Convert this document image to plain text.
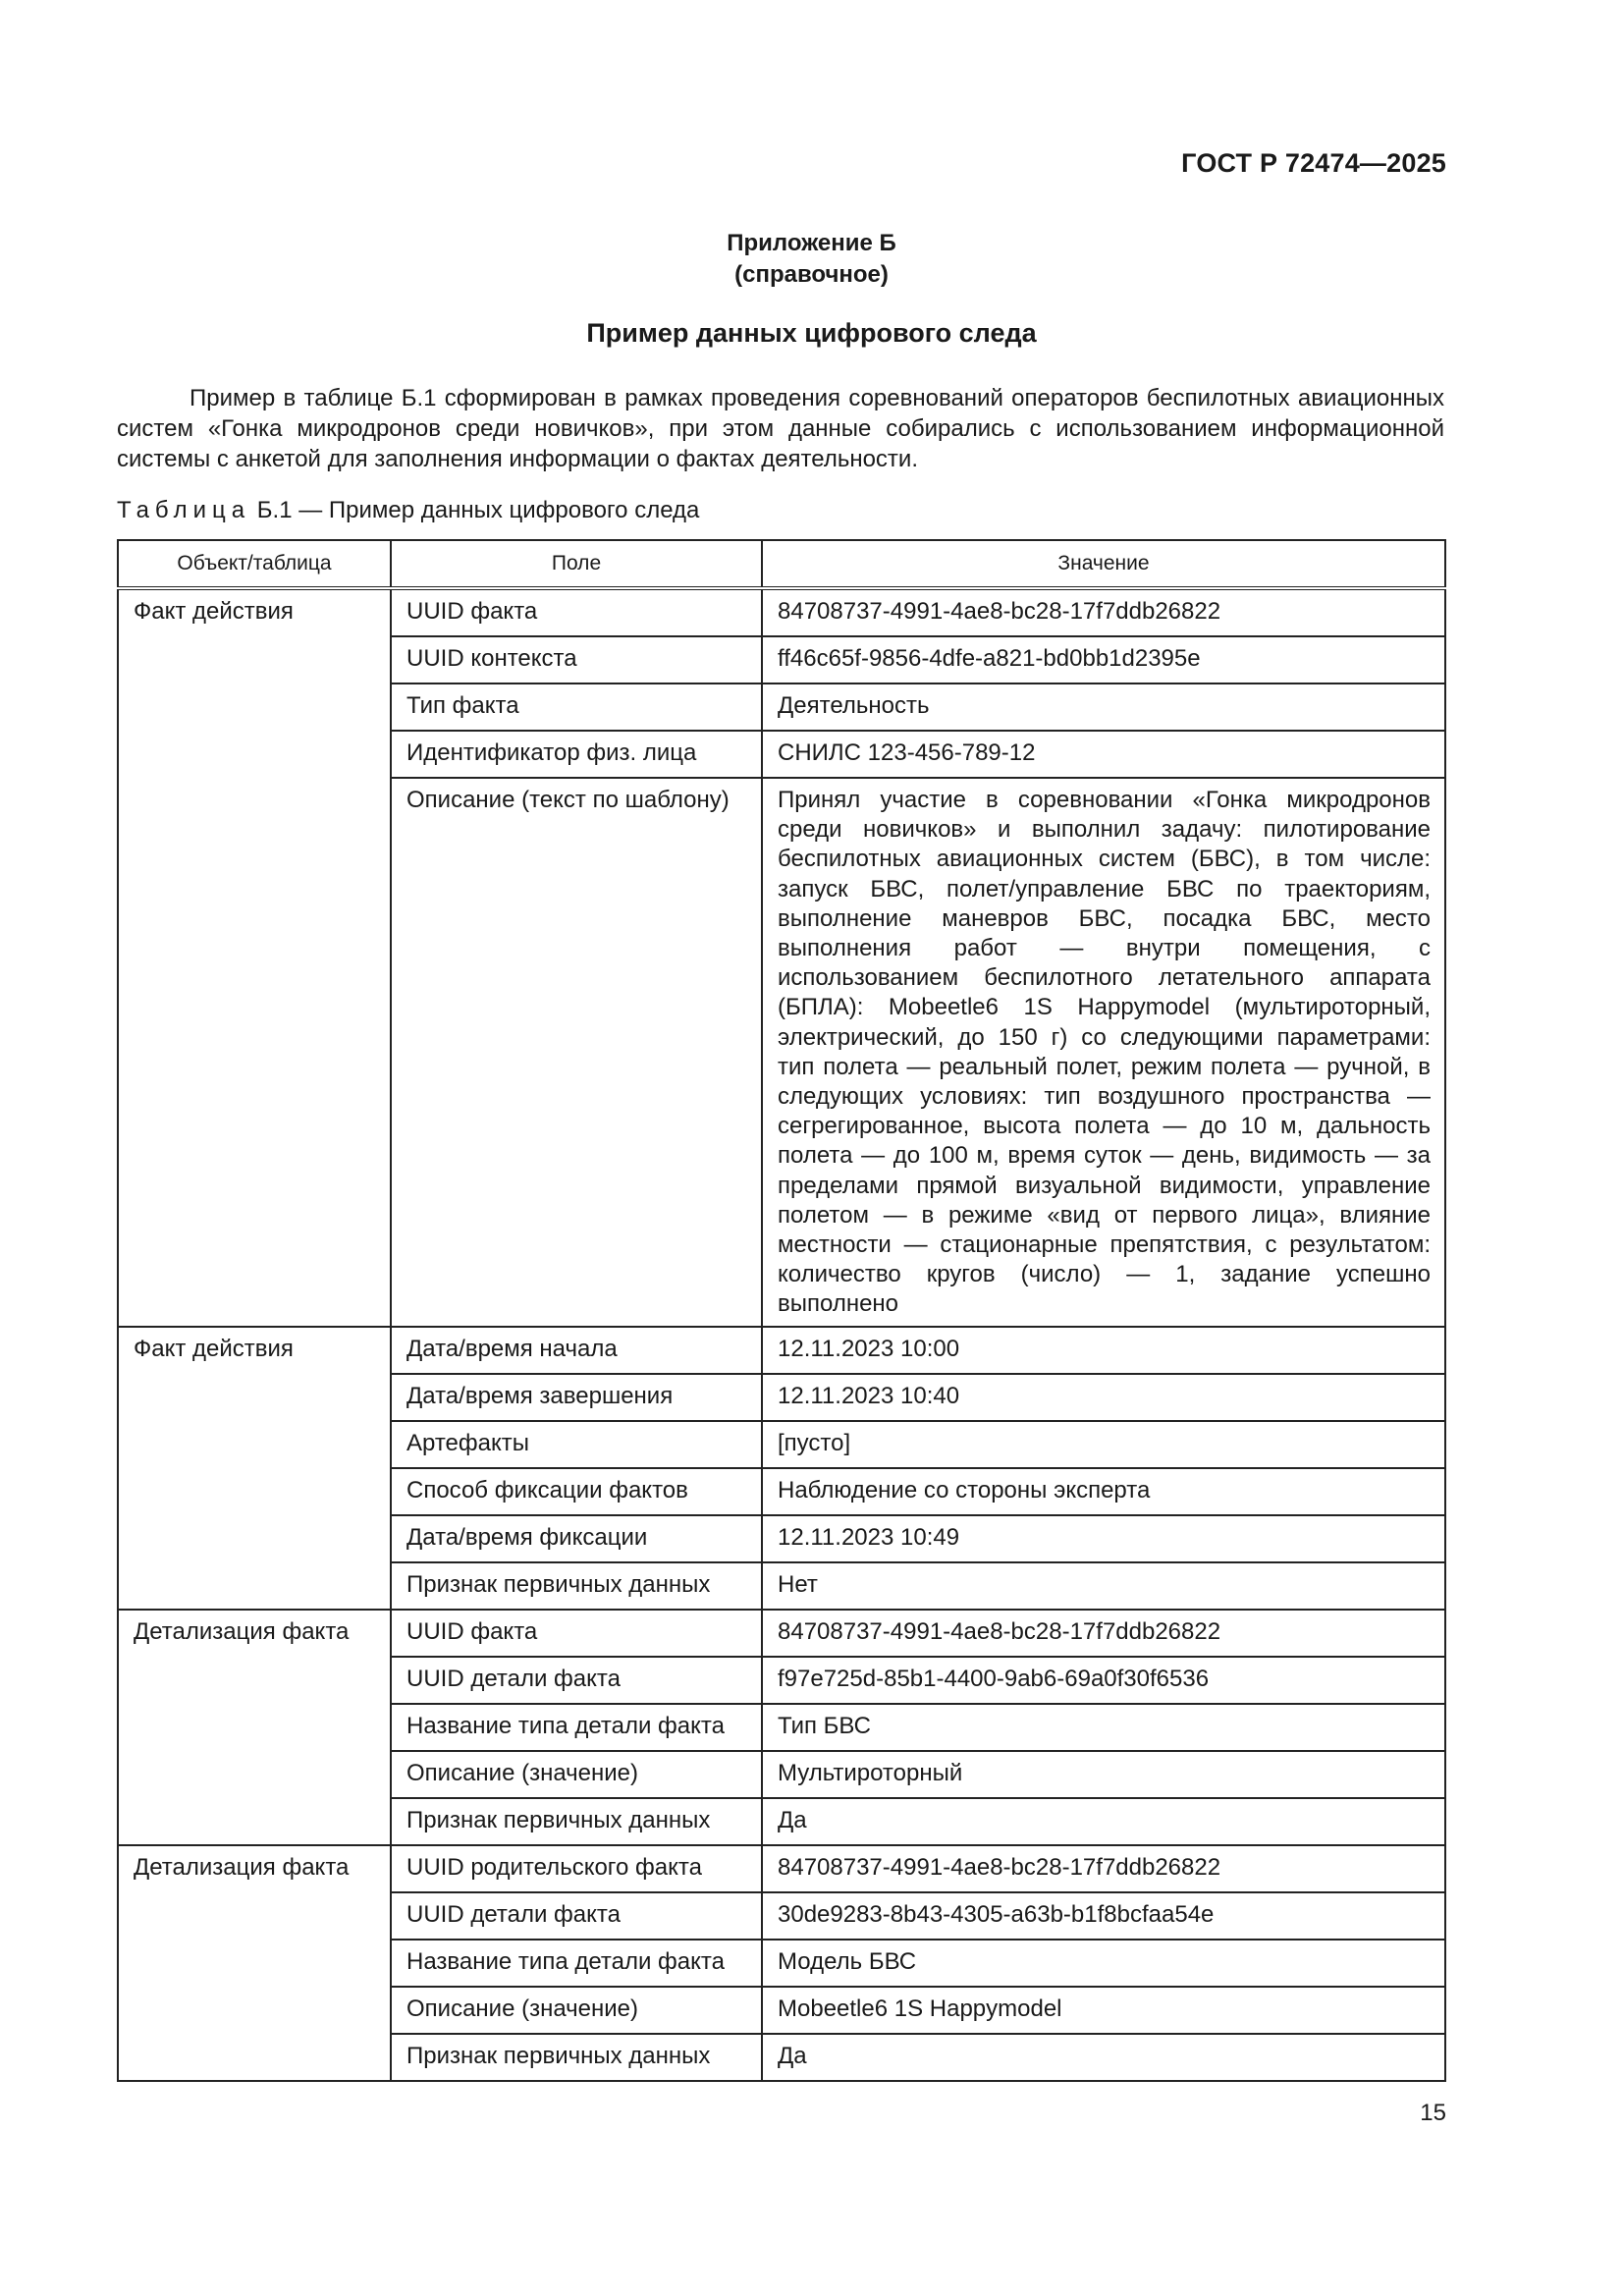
ГОСТ Р 72474—2025
Приложение Б
(справочное)
Пример данных цифрового следа

Пример в таблице Б.1 сформирован в рамках проведения соревнований операторов беспилотных авиационных систем «Гонка микродронов среди новичков», при этом данные собирались с использованием информационной системы с анкетой для заполнения информации о фактах деятельности.

Таблица Б.1 — Пример данных цифрового следа
Объект/таблица	Поле	Значение
Факт действия	UUID факта	84708737-4991-4ae8-bc28-17f7ddb26822
	UUID контекста	ff46c65f-9856-4dfe-a821-bd0bb1d2395e
	Тип факта	Деятельность
	Идентификатор физ. лица	СНИЛС 123-456-789-12
	Описание (текст по шаблону)	Принял участие в соревновании «Гонка микродронов среди новичков» и выполнил задачу: пилотирование беспилотных авиационных систем (БВС), в том числе: запуск БВС, полет/управление БВС по траекториям, выполнение маневров БВС, посадка БВС, место выполнения работ — внутри помещения, с использованием беспилотного летательного аппарата (БПЛА): Mobeetle6 1S Happymodel (мультироторный, электрический, до 150 г) со следующими параметрами: тип полета — реальный полет, режим полета — ручной, в следующих условиях: тип воздушного пространства — сегрегированное, высота полета — до 10 м, дальность полета — до 100 м, время суток — день, видимость — за пределами прямой визуальной видимости, управление полетом — в режиме «вид от первого лица», влияние местности — стационарные препятствия, с результатом: количество кругов (число) — 1, задание успешно выполнено
Факт действия	Дата/время начала	12.11.2023 10:00
	Дата/время завершения	12.11.2023 10:40
	Артефакты	[пусто]
	Способ фиксации фактов	Наблюдение со стороны эксперта
	Дата/время фиксации	12.11.2023 10:49
	Признак первичных данных	Нет
Детализация факта	UUID факта	84708737-4991-4ae8-bc28-17f7ddb26822
	UUID детали факта	f97e725d-85b1-4400-9ab6-69a0f30f6536
	Название типа детали факта	Тип БВС
	Описание (значение)	Мультироторный
	Признак первичных данных	Да
Детализация факта	UUID родительского факта	84708737-4991-4ae8-bc28-17f7ddb26822
	UUID детали факта	30de9283-8b43-4305-a63b-b1f8bcfaa54e
	Название типа детали факта	Модель БВС
	Описание (значение)	Mobeetle6 1S Happymodel
	Признак первичных данных	Да
15
